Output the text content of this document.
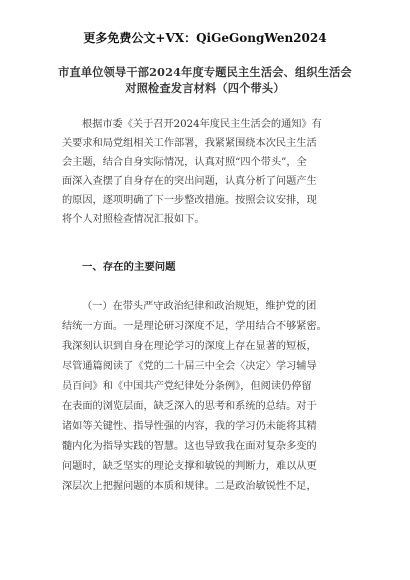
更多免费公文+VX：QiGeGongWen2024
市直单位领导干部2024年度专题民主生活会、组织生活会
对照检查发言材料（四个带头）
根据市委《关于召开2024年度民主生活会的通知》有
关要求和局党组相关工作部署，我紧紧围绕本次民主生活
会主题，结合自身实际情况，认真对照“四个带头”，全
面深入查摆了自身存在的突出问题，认真分析了问题产生
的原因，逐项明确了下一步整改措施。按照会议安排，现
将个人对照检查情况汇报如下。
一、存在的主要问题
（一）在带头严守政治纪律和政治规矩，维护党的团
结统一方面。一是理论研习深度不足，学用结合不够紧密。
我深刻认识到自身在理论学习的深度上存在显著的短板，
尽管通篇阅读了《党的二十届三中全会〈决定〉学习辅导
员百问》和《中国共产党纪律处分条例》，但阅读仍停留
在表面的浏览层面，缺乏深入的思考和系统的总结。对于
诸如等关键性、指导性强的内容，我的学习仍未能将其精
髓内化为指导实践的智慧。这也导致我在面对复杂多变的
问题时，缺乏坚实的理论支撑和敏锐的判断力，难以从更
深层次上把握问题的本质和规律。二是政治敏锐性不足，
